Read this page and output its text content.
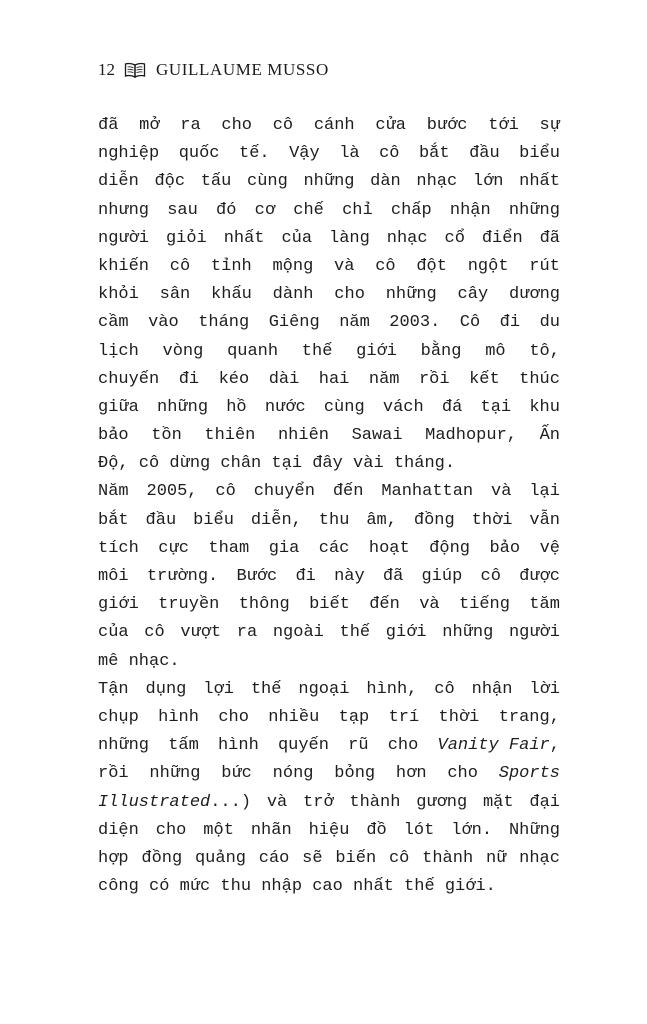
12 GUILLAUME MUSSO
đã mở ra cho cô cánh cửa bước tới sự
nghiệp quốc tế. Vậy là cô bắt đầu biểu
diễn độc tấu cùng những dàn nhạc lớn nhất
nhưng sau đó cơ chế chỉ chấp nhận những
người giỏi nhất của làng nhạc cổ điển đã
khiến cô tỉnh mộng và cô đột ngột rút
khỏi sân khấu dành cho những cây dương
cầm vào tháng Giêng năm 2003. Cô đi du
lịch vòng quanh thế giới bằng mô tô,
chuyến đi kéo dài hai năm rồi kết thúc
giữa những hồ nước cùng vách đá tại khu
bảo tồn thiên nhiên Sawai Madhopur, Ấn
Độ, cô dừng chân tại đây vài tháng.
Năm 2005, cô chuyển đến Manhattan và lại
bắt đầu biểu diễn, thu âm, đồng thời vẫn
tích cực tham gia các hoạt động bảo vệ
môi trường. Bước đi này đã giúp cô được
giới truyền thông biết đến và tiếng tăm
của cô vượt ra ngoài thế giới những người
mê nhạc.
Tận dụng lợi thế ngoại hình, cô nhận lời
chụp hình cho nhiều tạp trí thời trang,
những tấm hình quyến rũ cho Vanity Fair,
rồi những bức nóng bỏng hơn cho Sports
Illustrated...) và trở thành gương mặt đại
diện cho một nhãn hiệu đồ lót lớn. Những
hợp đồng quảng cáo sẽ biến cô thành nữ nhạc
công có mức thu nhập cao nhất thế giới.
